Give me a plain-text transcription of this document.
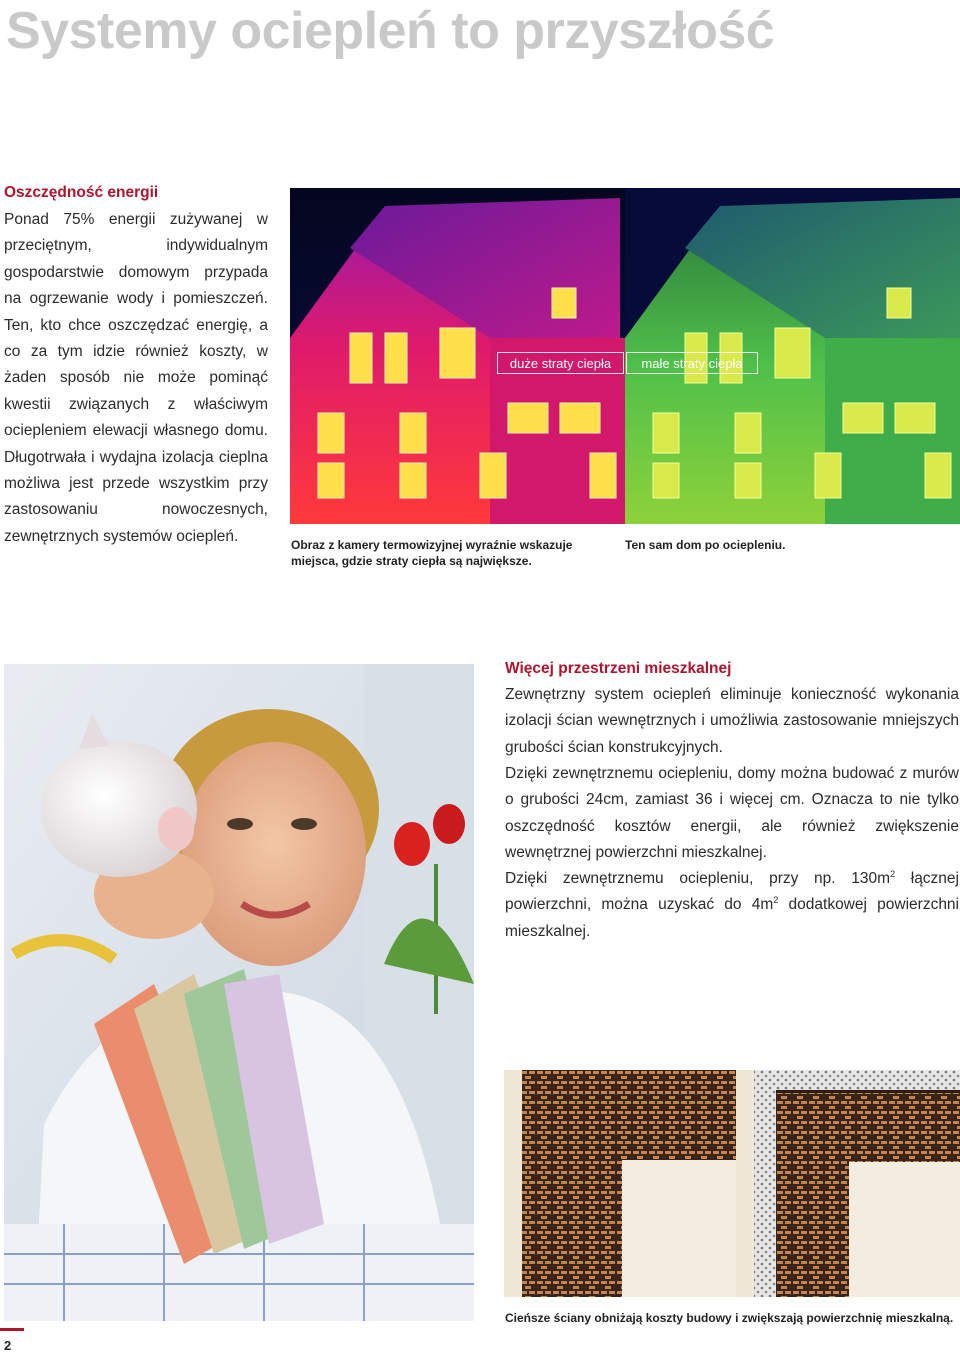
Systemy ociepleń to przyszłość
Oszczędność energii
Ponad 75% energii zużywanej w przeciętnym, indywidualnym gospodarstwie domowym przypada na ogrzewanie wody i pomieszczeń. Ten, kto chce oszczędzać energię, a co za tym idzie również koszty, w żaden sposób nie może pominąć kwestii związanych z właściwym ociepleniem elewacji własnego domu. Długotrwała i wydajna izolacja cieplna możliwa jest przede wszystkim przy zastosowaniu nowoczesnych, zewnętrznych systemów ociepleń.
duże straty ciepła	małe straty ciepła
Obraz z kamery termowizyjnej wyraźnie wskazuje miejsca, gdzie straty ciepła są największe.
Ten sam dom po ociepleniu.
Więcej przestrzeni mieszkalnej
Zewnętrzny system ociepleń eliminuje konieczność wykonania izolacji ścian wewnętrznych i umożliwia zastosowanie mniejszych grubości ścian konstrukcyjnych.
Dzięki zewnętrznemu ociepleniu, domy można budować z murów o grubości 24cm, zamiast 36 i więcej cm. Oznacza to nie tylko oszczędność kosztów energii, ale również zwiększenie wewnętrznej powierzchni mieszkalnej.
Dzięki zewnętrznemu ociepleniu, przy np. $130m^2$ łącznej powierzchni, można uzyskać do $4m^2$ dodatkowej powierzchni mieszkalnej.
Cieńsze ściany obniżają koszty budowy i zwiększają powierzchnię mieszkalną.
2
